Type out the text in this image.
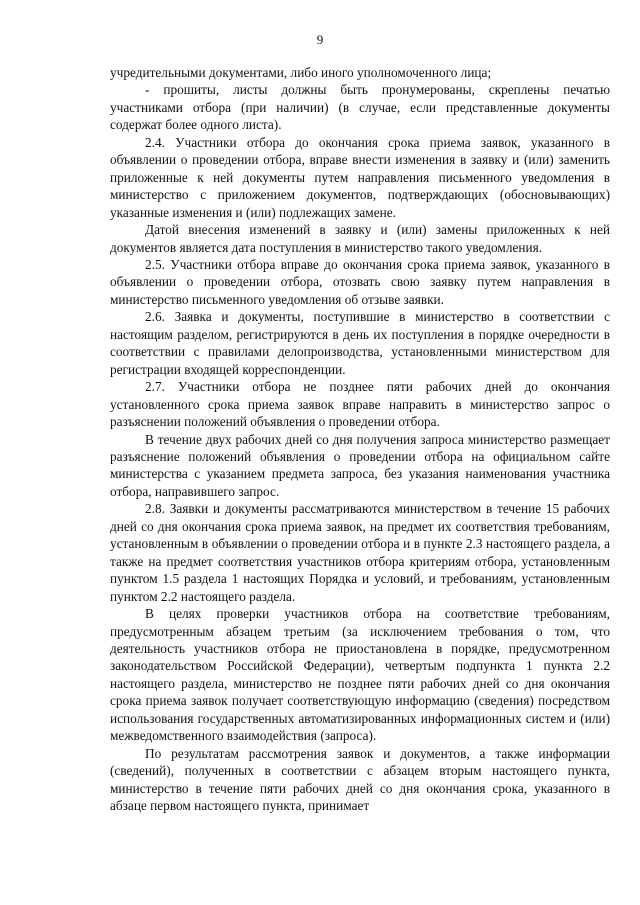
9

учредительными документами, либо иного уполномоченного лица;

- прошиты, листы должны быть пронумерованы, скреплены печатью участниками отбора (при наличии) (в случае, если представленные документы содержат более одного листа).

2.4. Участники отбора до окончания срока приема заявок, указанного в объявлении о проведении отбора, вправе внести изменения в заявку и (или) заменить приложенные к ней документы путем направления письменного уведомления в министерство с приложением документов, подтверждающих (обосновывающих) указанные изменения и (или) подлежащих замене.

Датой внесения изменений в заявку и (или) замены приложенных к ней документов является дата поступления в министерство такого уведомления.

2.5. Участники отбора вправе до окончания срока приема заявок, указанного в объявлении о проведении отбора, отозвать свою заявку путем направления в министерство письменного уведомления об отзыве заявки.

2.6. Заявка и документы, поступившие в министерство в соответствии с настоящим разделом, регистрируются в день их поступления в порядке очередности в соответствии с правилами делопроизводства, установленными министерством для регистрации входящей корреспонденции.

2.7. Участники отбора не позднее пяти рабочих дней до окончания установленного срока приема заявок вправе направить в министерство запрос о разъяснении положений объявления о проведении отбора.

В течение двух рабочих дней со дня получения запроса министерство размещает разъяснение положений объявления о проведении отбора на официальном сайте министерства с указанием предмета запроса, без указания наименования участника отбора, направившего запрос.

2.8. Заявки и документы рассматриваются министерством в течение 15 рабочих дней со дня окончания срока приема заявок, на предмет их соответствия требованиям, установленным в объявлении о проведении отбора и в пункте 2.3 настоящего раздела, а также на предмет соответствия участников отбора критериям отбора, установленным пунктом 1.5 раздела 1 настоящих Порядка и условий, и требованиям, установленным пунктом 2.2 настоящего раздела.

В целях проверки участников отбора на соответствие требованиям, предусмотренным абзацем третьим (за исключением требования о том, что деятельность участников отбора не приостановлена в порядке, предусмотренном законодательством Российской Федерации), четвертым подпункта 1 пункта 2.2 настоящего раздела, министерство не позднее пяти рабочих дней со дня окончания срока приема заявок получает соответствующую информацию (сведения) посредством использования государственных автоматизированных информационных систем и (или) межведомственного взаимодействия (запроса).

По результатам рассмотрения заявок и документов, а также информации (сведений), полученных в соответствии с абзацем вторым настоящего пункта, министерство в течение пяти рабочих дней со дня окончания срока, указанного в абзаце первом настоящего пункта, принимает
